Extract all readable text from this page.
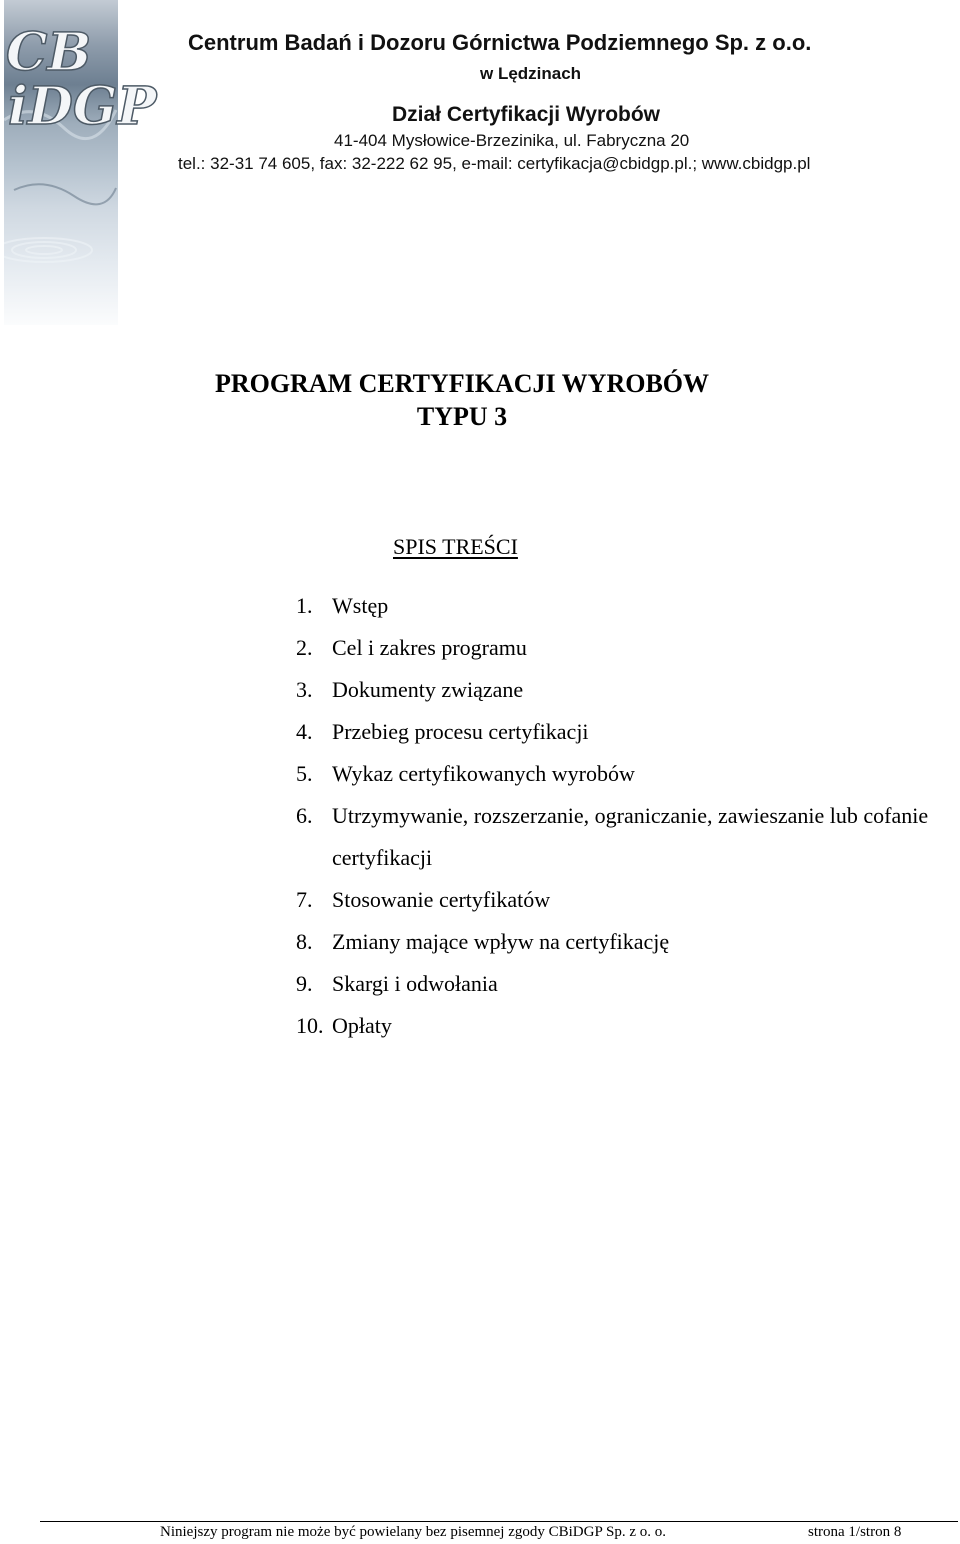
CB
iDGP
Centrum Badań i Dozoru Górnictwa Podziemnego Sp. z o.o.
w Lędzinach
Dział Certyfikacji Wyrobów
41-404 Mysłowice-Brzezinika, ul. Fabryczna 20
tel.: 32-31 74 605, fax: 32-222 62 95, e-mail: certyfikacja@cbidgp.pl.; www.cbidgp.pl
PROGRAM CERTYFIKACJI WYROBÓW
TYPU 3
SPIS TREŚCI
1. Wstęp
2. Cel i zakres programu
3. Dokumenty związane
4. Przebieg procesu certyfikacji
5. Wykaz certyfikowanych wyrobów
6. Utrzymywanie, rozszerzanie, ograniczanie, zawieszanie lub cofanie certyfikacji
7. Stosowanie certyfikatów
8. Zmiany mające wpływ na certyfikację
9. Skargi i odwołania
10. Opłaty
Niniejszy program nie może być powielany bez pisemnej zgody CBiDGP Sp. z o. o.	strona 1/stron 8
